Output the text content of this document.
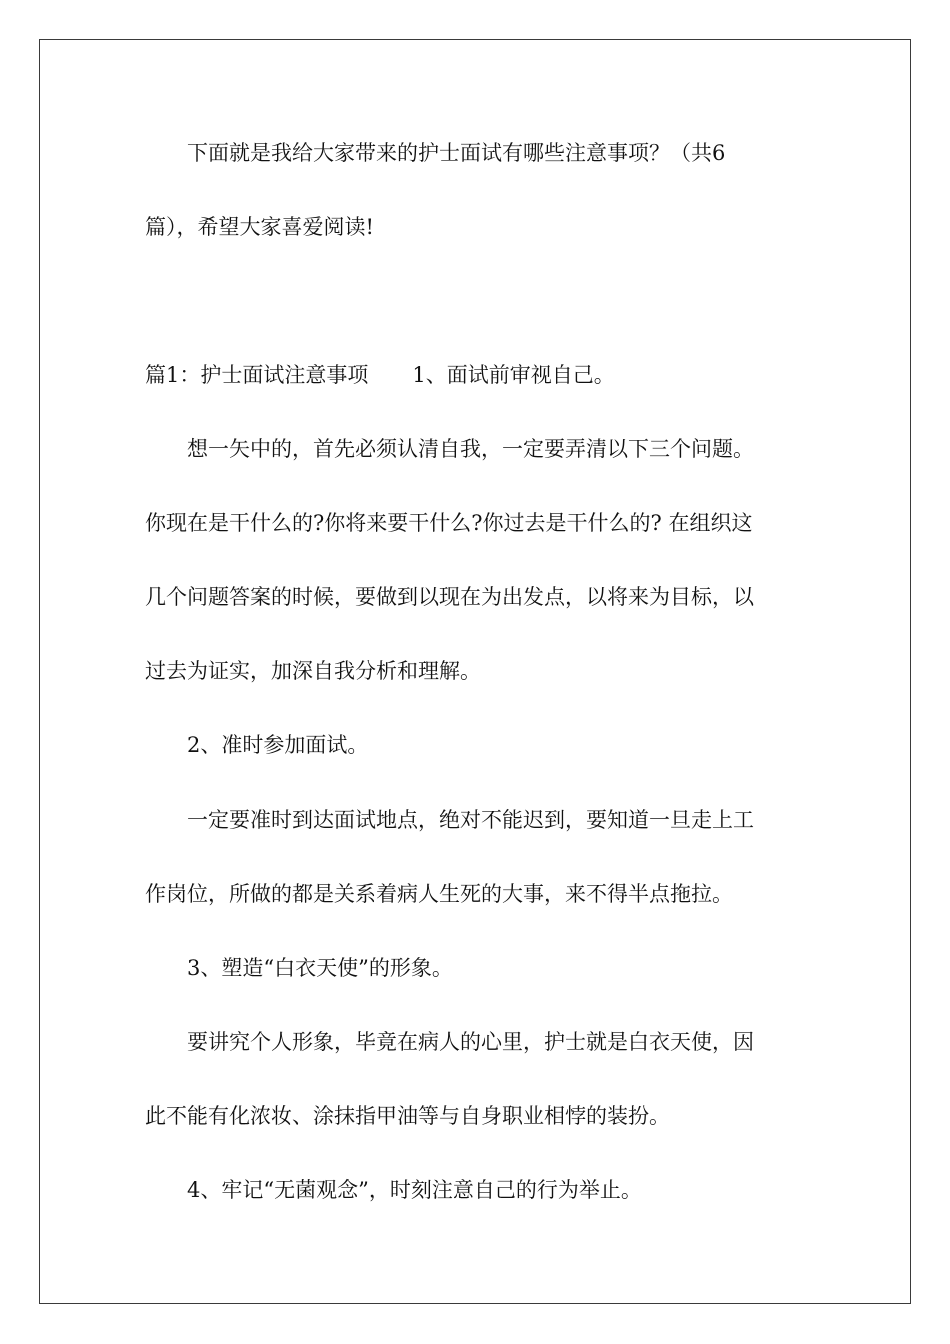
下面就是我给大家带来的护士面试有哪些注意事项？（共6
篇），希望大家喜爱阅读!
篇1：护士面试注意事项 1、面试前审视自己。
想一矢中的，首先必须认清自我，一定要弄清以下三个问题。
你现在是干什么的?你将来要干什么?你过去是干什么的? 在组织这
几个问题答案的时候，要做到以现在为出发点，以将来为目标，以
过去为证实，加深自我分析和理解。
2、准时参加面试。
一定要准时到达面试地点，绝对不能迟到，要知道一旦走上工
作岗位，所做的都是关系着病人生死的大事，来不得半点拖拉。
3、塑造“白衣天使”的形象。
要讲究个人形象，毕竟在病人的心里，护士就是白衣天使，因
此不能有化浓妆、涂抹指甲油等与自身职业相悖的装扮。
4、牢记“无菌观念”，时刻注意自己的行为举止。
